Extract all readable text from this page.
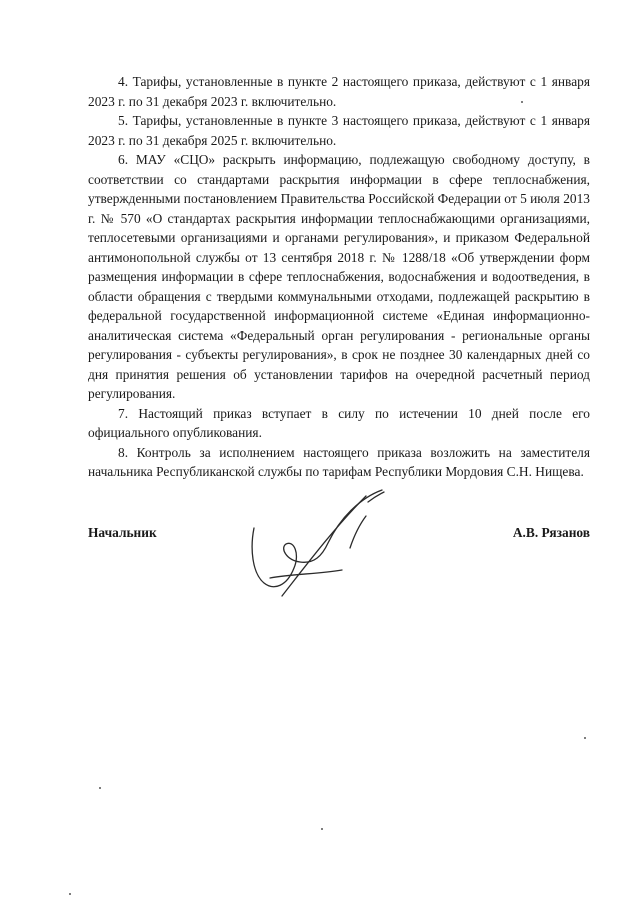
4. Тарифы, установленные в пункте 2 настоящего приказа, действуют с 1 января 2023 г. по 31 декабря 2023 г. включительно.

5. Тарифы, установленные в пункте 3 настоящего приказа, действуют с 1 января 2023 г. по 31 декабря 2025 г. включительно.

6. МАУ «СЦО» раскрыть информацию, подлежащую свободному доступу, в соответствии со стандартами раскрытия информации в сфере теплоснабжения, утвержденными постановлением Правительства Российской Федерации от 5 июля 2013 г. № 570 «О стандартах раскрытия информации теплоснабжающими организациями, теплосетевыми организациями и органами регулирования», и приказом Федеральной антимонопольной службы от 13 сентября 2018 г. № 1288/18 «Об утверждении форм размещения информации в сфере теплоснабжения, водоснабжения и водоотведения, в области обращения с твердыми коммунальными отходами, подлежащей раскрытию в федеральной государственной информационной системе «Единая информационно-аналитическая система «Федеральный орган регулирования - региональные органы регулирования - субъекты регулирования», в срок не позднее 30 календарных дней со дня принятия решения об установлении тарифов на очередной расчетный период регулирования.

7. Настоящий приказ вступает в силу по истечении 10 дней после его официального опубликования.

8. Контроль за исполнением настоящего приказа возложить на заместителя начальника Республиканской службы по тарифам Республики Мордовия С.Н. Нищева.

Начальник	А.В. Рязанов
